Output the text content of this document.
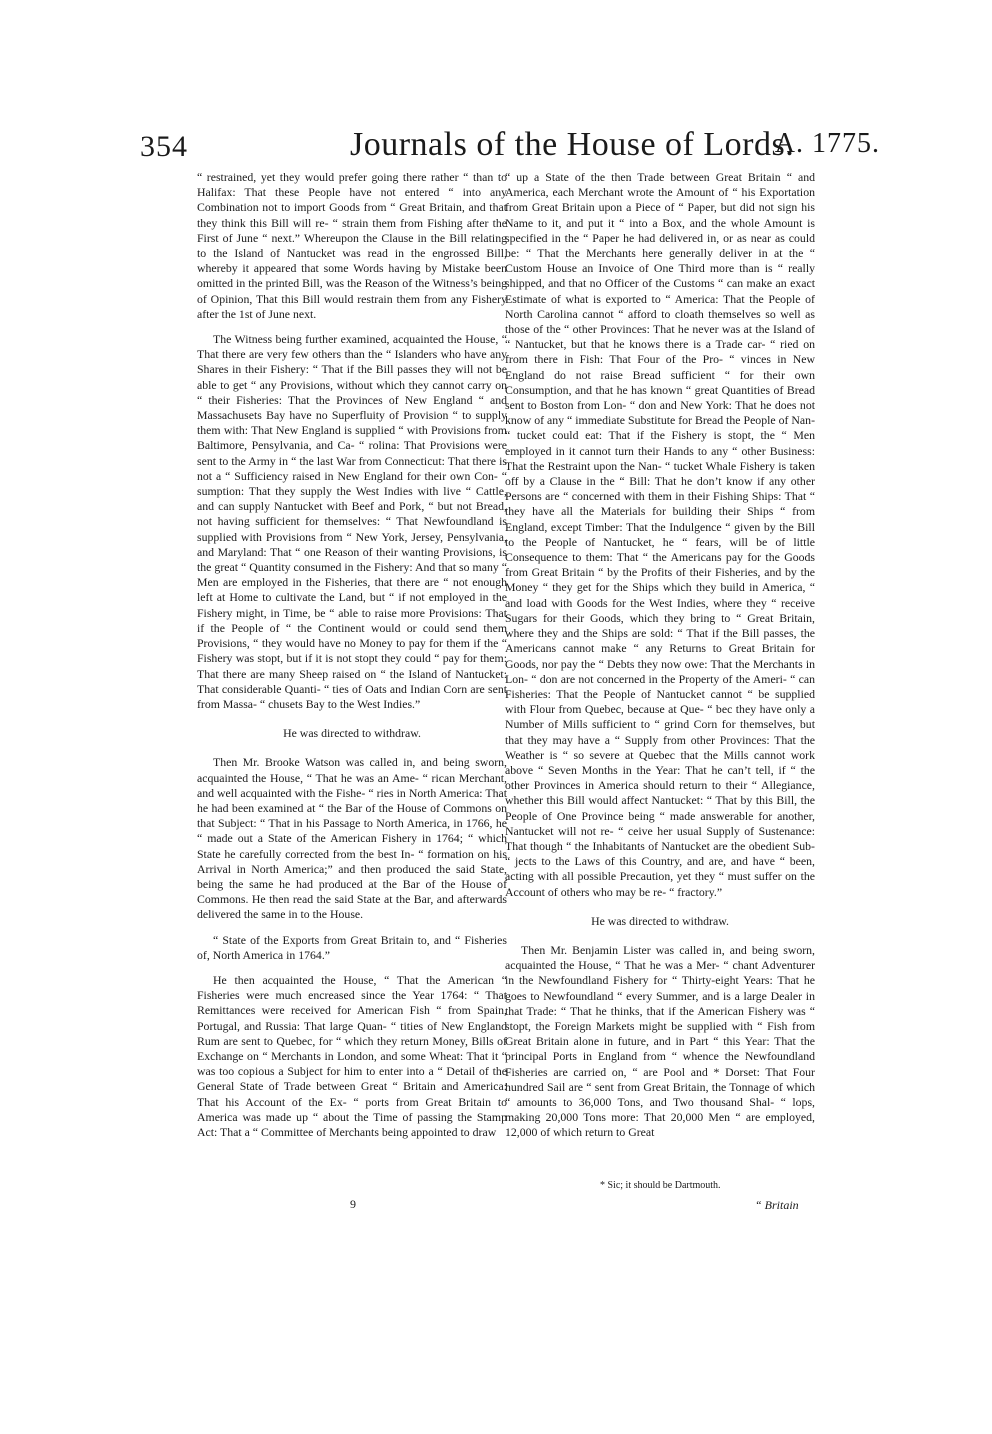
354	Journals of the House of Lords.
A. 1775.

“ restrained, yet they would prefer going there rather “ than to Halifax: That these People have not entered “ into any Combination not to import Goods from “ Great Britain, and that they think this Bill will re- “ strain them from Fishing after the First of June “ next.” Whereupon the Clause in the Bill relating to the Island of Nantucket was read in the engrossed Bill, whereby it appeared that some Words having by Mistake been omitted in the printed Bill, was the Reason of the Witness’s being of Opinion, That this Bill would restrain them from any Fishery after the 1st of June next.

The Witness being further examined, acquainted the House, “ That there are very few others than the “ Islanders who have any Shares in their Fishery: “ That if the Bill passes they will not be able to get “ any Provisions, without which they cannot carry on “ their Fisheries: That the Provinces of New England “ and Massachusets Bay have no Superfluity of Provision “ to supply them with: That New England is supplied “ with Provisions from Baltimore, Pensylvania, and Ca- “ rolina: That Provisions were sent to the Army in “ the last War from Connecticut: That there is not a “ Sufficiency raised in New England for their own Con- “ sumption: That they supply the West Indies with live “ Cattle, and can supply Nantucket with Beef and Pork, “ but not Bread, not having sufficient for themselves: “ That Newfoundland is supplied with Provisions from “ New York, Jersey, Pensylvania, and Maryland: That “ one Reason of their wanting Provisions, is the great “ Quantity consumed in the Fishery: And that so many “ Men are employed in the Fisheries, that there are “ not enough left at Home to cultivate the Land, but “ if not employed in the Fishery might, in Time, be “ able to raise more Provisions: That if the People of “ the Continent would or could send them Provisions, “ they would have no Money to pay for them if the “ Fishery was stopt, but if it is not stopt they could “ pay for them: That there are many Sheep raised on “ the Island of Nantucket: That considerable Quanti- “ ties of Oats and Indian Corn are sent from Massa- “ chusets Bay to the West Indies.”

He was directed to withdraw.

Then Mr. Brooke Watson was called in, and being sworn, acquainted the House, “ That he was an Ame- “ rican Merchant, and well acquainted with the Fishe- “ ries in North America: That he had been examined at “ the Bar of the House of Commons on that Subject: “ That in his Passage to North America, in 1766, he “ made out a State of the American Fishery in 1764; “ which State he carefully corrected from the best In- “ formation on his Arrival in North America;” and then produced the said State, being the same he had produced at the Bar of the House of Commons. He then read the said State at the Bar, and afterwards delivered the same in to the House.

“ State of the Exports from Great Britain to, and “ Fisheries of, North America in 1764.”

He then acquainted the House, “ That the American “ Fisheries were much encreased since the Year 1764: “ That Remittances were received for American Fish “ from Spain, Portugal, and Russia: That large Quan- “ tities of New England Rum are sent to Quebec, for “ which they return Money, Bills of Exchange on “ Merchants in London, and some Wheat: That it “ was too copious a Subject for him to enter into a “ Detail of the General State of Trade between Great “ Britain and America: That his Account of the Ex- “ ports from Great Britain to America was made up “ about the Time of passing the Stamp Act: That a “ Committee of Merchants being appointed to draw

“ up a State of the then Trade between Great Britain “ and America, each Merchant wrote the Amount of “ his Exportation from Great Britain upon a Piece of “ Paper, but did not sign his Name to it, and put it “ into a Box, and the whole Amount is specified in the “ Paper he had delivered in, or as near as could be: “ That the Merchants here generally deliver in at the “ Custom House an Invoice of One Third more than is “ really shipped, and that no Officer of the Customs “ can make an exact Estimate of what is exported to “ America: That the People of North Carolina cannot “ afford to cloath themselves so well as those of the “ other Provinces: That he never was at the Island of “ Nantucket, but that he knows there is a Trade car- “ ried on from there in Fish: That Four of the Pro- “ vinces in New England do not raise Bread sufficient “ for their own Consumption, and that he has known “ great Quantities of Bread sent to Boston from Lon- “ don and New York: That he does not know of any “ immediate Substitute for Bread the People of Nan- “ tucket could eat: That if the Fishery is stopt, the “ Men employed in it cannot turn their Hands to any “ other Business: That the Restraint upon the Nan- “ tucket Whale Fishery is taken off by a Clause in the “ Bill: That he don’t know if any other Persons are “ concerned with them in their Fishing Ships: That “ they have all the Materials for building their Ships “ from England, except Timber: That the Indulgence “ given by the Bill to the People of Nantucket, he “ fears, will be of little Consequence to them: That “ the Americans pay for the Goods from Great Britain “ by the Profits of their Fisheries, and by the Money “ they get for the Ships which they build in America, “ and load with Goods for the West Indies, where they “ receive Sugars for their Goods, which they bring to “ Great Britain, where they and the Ships are sold: “ That if the Bill passes, the Americans cannot make “ any Returns to Great Britain for Goods, nor pay the “ Debts they now owe: That the Merchants in Lon- “ don are not concerned in the Property of the Ameri- “ can Fisheries: That the People of Nantucket cannot “ be supplied with Flour from Quebec, because at Que- “ bec they have only a Number of Mills sufficient to “ grind Corn for themselves, but that they may have a “ Supply from other Provinces: That the Weather is “ so severe at Quebec that the Mills cannot work above “ Seven Months in the Year: That he can’t tell, if “ the other Provinces in America should return to their “ Allegiance, whether this Bill would affect Nantucket: “ That by this Bill, the People of One Province being “ made answerable for another, Nantucket will not re- “ ceive her usual Supply of Sustenance: That though “ the Inhabitants of Nantucket are the obedient Sub- “ jects to the Laws of this Country, and are, and have “ been, acting with all possible Precaution, yet they “ must suffer on the Account of others who may be re- “ fractory.”

He was directed to withdraw.

Then Mr. Benjamin Lister was called in, and being sworn, acquainted the House, “ That he was a Mer- “ chant Adventurer in the Newfoundland Fishery for “ Thirty-eight Years: That he goes to Newfoundland “ every Summer, and is a large Dealer in that Trade: “ That he thinks, that if the American Fishery was “ stopt, the Foreign Markets might be supplied with “ Fish from Great Britain alone in future, and in Part “ this Year: That the principal Ports in England from “ whence the Newfoundland Fisheries are carried on, “ are Pool and * Dorset: That Four hundred Sail are “ sent from Great Britain, the Tonnage of which “ amounts to 36,000 Tons, and Two thousand Shal- “ lops, making 20,000 Tons more: That 20,000 Men “ are employed, 12,000 of which return to Great

9
* Sic; it should be Dartmouth.
“ Britain
